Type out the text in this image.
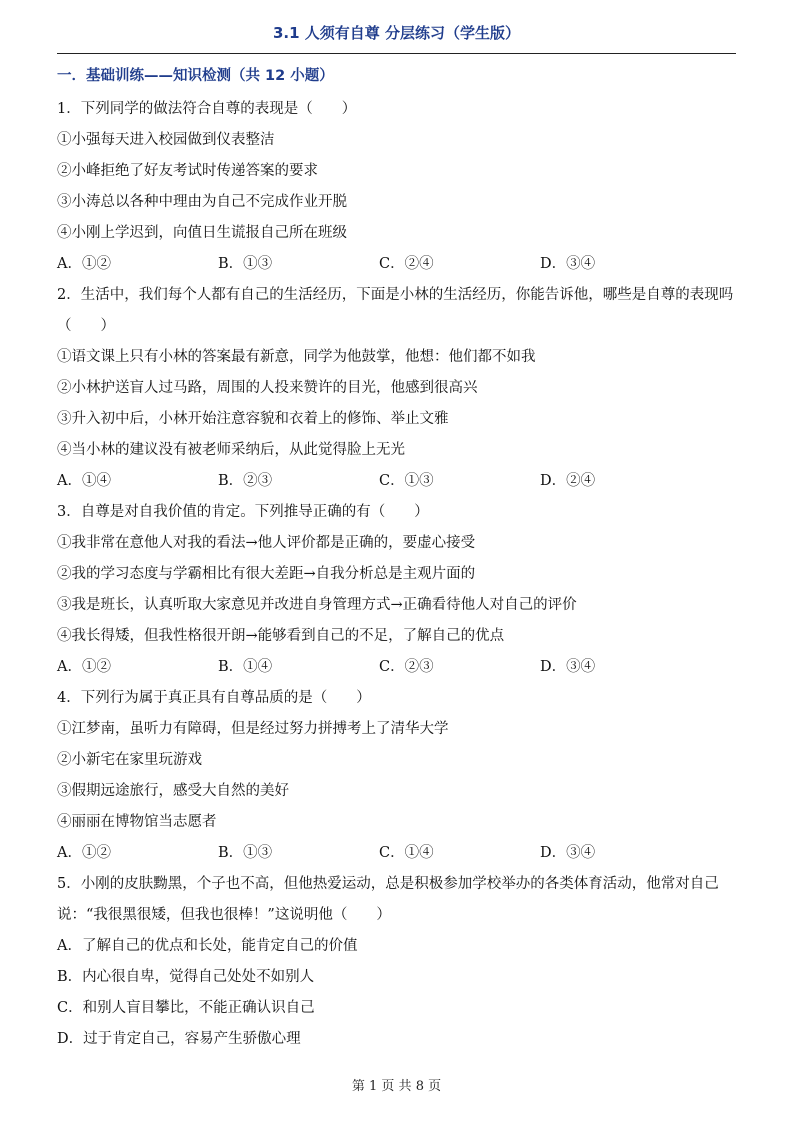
3.1 人须有自尊 分层练习（学生版）
一．基础训练——知识检测（共 12 小题）
1．下列同学的做法符合自尊的表现是（　　）
①小强每天进入校园做到仪表整洁
②小峰拒绝了好友考试时传递答案的要求
③小涛总以各种中理由为自己不完成作业开脱
④小刚上学迟到，向值日生谎报自己所在班级
A．①②	B．①③	C．②④	D．③④
2．生活中，我们每个人都有自己的生活经历，下面是小林的生活经历，你能告诉他，哪些是自尊的表现吗（　　）
①语文课上只有小林的答案最有新意，同学为他鼓掌，他想：他们都不如我
②小林护送盲人过马路，周围的人投来赞许的目光，他感到很高兴
③升入初中后，小林开始注意容貌和衣着上的修饰、举止文雅
④当小林的建议没有被老师采纳后，从此觉得脸上无光
A．①④	B．②③	C．①③	D．②④
3．自尊是对自我价值的肯定。下列推导正确的有（　　）
①我非常在意他人对我的看法→他人评价都是正确的，要虚心接受
②我的学习态度与学霸相比有很大差距→自我分析总是主观片面的
③我是班长，认真听取大家意见并改进自身管理方式→正确看待他人对自己的评价
④我长得矮，但我性格很开朗→能够看到自己的不足，了解自己的优点
A．①②	B．①④	C．②③	D．③④
4．下列行为属于真正具有自尊品质的是（　　）
①江梦南，虽听力有障碍，但是经过努力拼搏考上了清华大学
②小新宅在家里玩游戏
③假期远途旅行，感受大自然的美好
④丽丽在博物馆当志愿者
A．①②	B．①③	C．①④	D．③④
5．小刚的皮肤黝黑，个子也不高，但他热爱运动，总是积极参加学校举办的各类体育活动，他常对自己说：“我很黑很矮，但我也很棒！”这说明他（　　）
A．了解自己的优点和长处，能肯定自己的价值
B．内心很自卑，觉得自己处处不如别人
C．和别人盲目攀比，不能正确认识自己
D．过于肯定自己，容易产生骄傲心理
第 1 页 共 8 页
